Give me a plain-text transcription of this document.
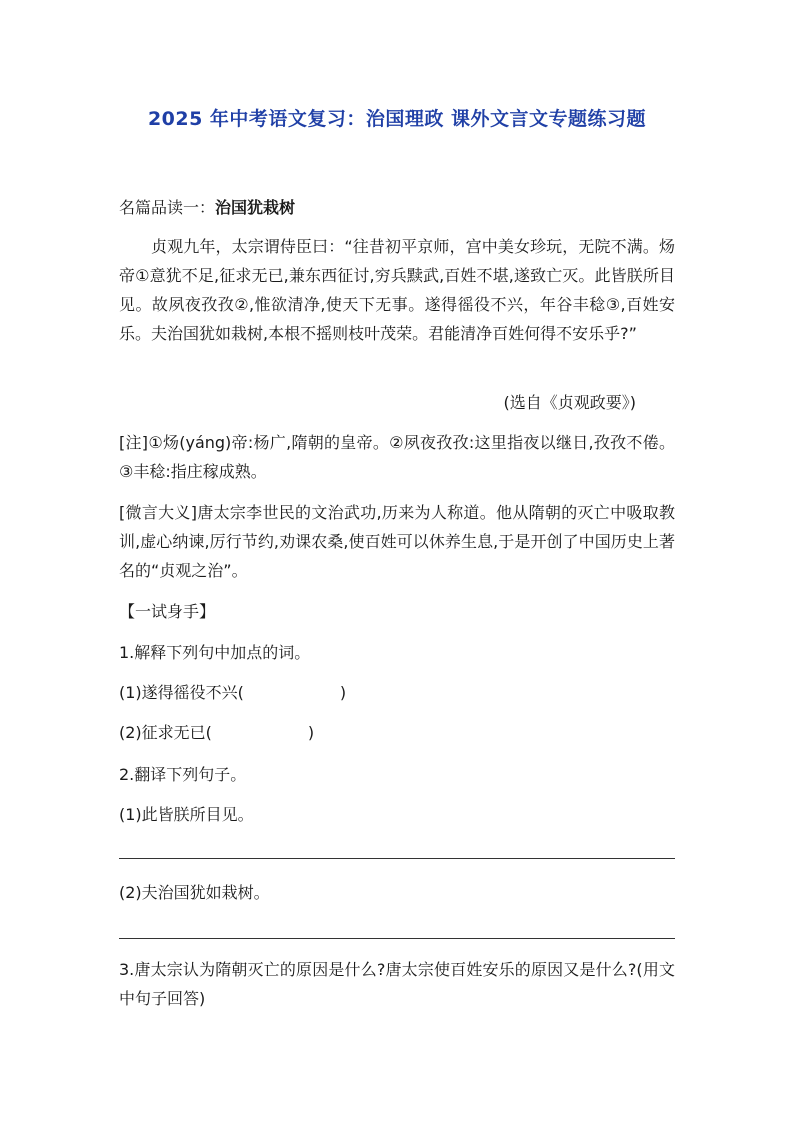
2025 年中考语文复习：治国理政 课外文言文专题练习题
名篇品读一：治国犹栽树
贞观九年，太宗谓侍臣曰：“往昔初平京师，宫中美女珍玩，无院不满。炀帝①意犹不足,征求无已,兼东西征讨,穷兵黩武,百姓不堪,遂致亡灭。此皆朕所目见。故夙夜孜孜②,惟欲清净,使天下无事。遂得徭役不兴，年谷丰稔③,百姓安乐。夫治国犹如栽树,本根不摇则枝叶茂荣。君能清净百姓何得不安乐乎?”
(选自《贞观政要》)
[注]①炀(yáng)帝:杨广,隋朝的皇帝。②夙夜孜孜:这里指夜以继日,孜孜不倦。③丰稔:指庄稼成熟。
[微言大义]唐太宗李世民的文治武功,历来为人称道。他从隋朝的灭亡中吸取教训,虚心纳谏,厉行节约,劝课农桑,使百姓可以休养生息,于是开创了中国历史上著名的“贞观之治”。
【一试身手】
1.解释下列句中加点的词。
(1)遂得徭役不兴(	)
(2)征求无已(	)
2.翻译下列句子。
(1)此皆朕所目见。
(2)夫治国犹如栽树。
3.唐太宗认为隋朝灭亡的原因是什么?唐太宗使百姓安乐的原因又是什么?(用文中句子回答)
